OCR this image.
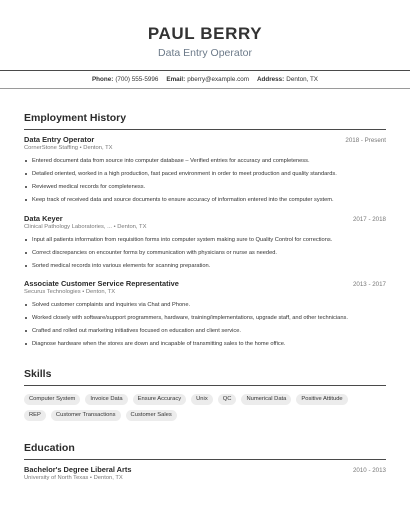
PAUL BERRY
Data Entry Operator
Phone: (700) 555-5996 Email: pberry@example.com Address: Denton, TX
Employment History
Data Entry Operator	2018 - Present
CornerStone Staffing • Denton, TX
Entered document data from source into computer database – Verified entries for accuracy and completeness.
Detailed oriented, worked in a high production, fast paced environment in order to meet production and quality standards.
Reviewed medical records for completeness.
Keep track of received data and source documents to ensure accuracy of information entered into the computer system.
Data Keyer	2017 - 2018
Clinical Pathology Laboratories, ... • Denton, TX
Input all patients information from requisition forms into computer system making sure to Quality Control for corrections.
Correct discrepancies on encounter forms by communication with physicians or nurse as needed.
Sorted medical records into various elements for scanning preparation.
Associate Customer Service Representative	2013 - 2017
Securus Technologies • Denton, TX
Solved customer complaints and inquiries via Chat and Phone.
Worked closely with software/support programmers, hardware, training/implementations, upgrade staff, and other technicians.
Crafted and rolled out marketing initiatives focused on education and client service.
Diagnose hardware when the stores are down and incapable of transmitting sales to the home office.
Skills
Computer System	Invoice Data	Ensure Accuracy	Unix	QC	Numerical Data	Positive Attitude
REP	Customer Transactions	Customer Sales
Education
Bachelor's Degree Liberal Arts	2010 - 2013
University of North Texas • Denton, TX
